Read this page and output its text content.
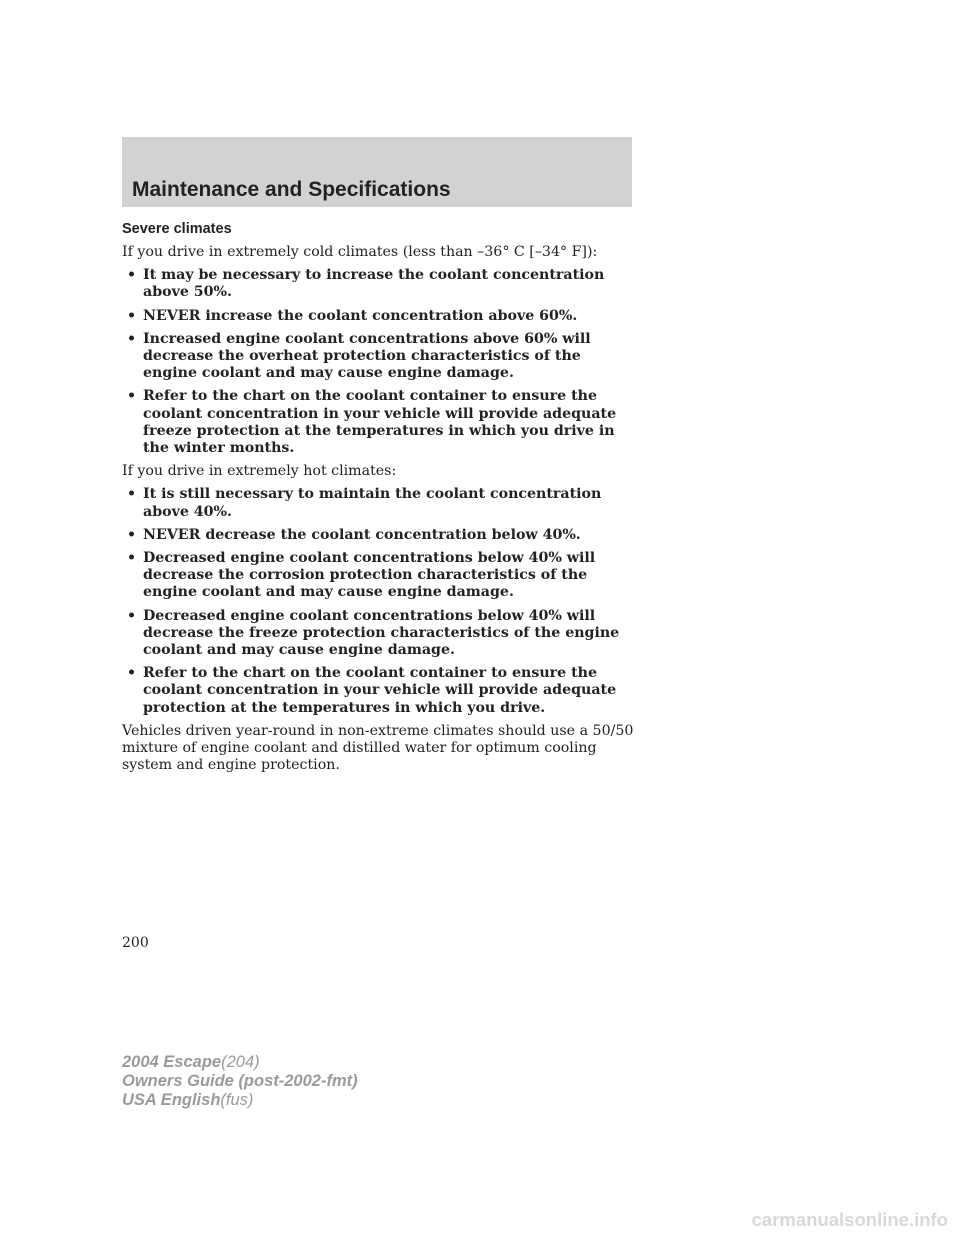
Maintenance and Specifications
Severe climates

If you drive in extremely cold climates (less than –36° C [–34° F]):

• It may be necessary to increase the coolant concentration above 50%.
• NEVER increase the coolant concentration above 60%.
• Increased engine coolant concentrations above 60% will decrease the overheat protection characteristics of the engine coolant and may cause engine damage.
• Refer to the chart on the coolant container to ensure the coolant concentration in your vehicle will provide adequate freeze protection at the temperatures in which you drive in the winter months.

If you drive in extremely hot climates:

• It is still necessary to maintain the coolant concentration above 40%.
• NEVER decrease the coolant concentration below 40%.
• Decreased engine coolant concentrations below 40% will decrease the corrosion protection characteristics of the engine coolant and may cause engine damage.
• Decreased engine coolant concentrations below 40% will decrease the freeze protection characteristics of the engine coolant and may cause engine damage.
• Refer to the chart on the coolant container to ensure the coolant concentration in your vehicle will provide adequate protection at the temperatures in which you drive.

Vehicles driven year-round in non-extreme climates should use a 50/50 mixture of engine coolant and distilled water for optimum cooling system and engine protection.

200

2004 Escape(204)
Owners Guide (post-2002-fmt)
USA English(fus)
carmanualsonline.info
